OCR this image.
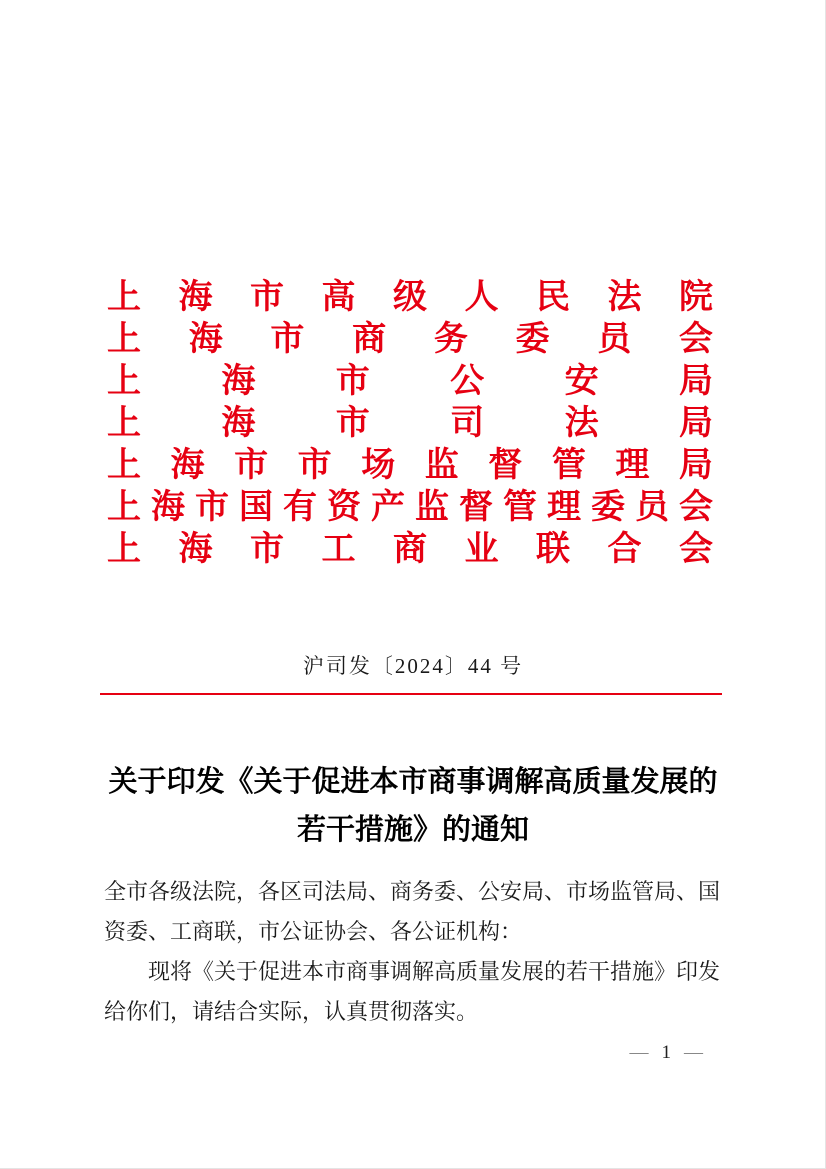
上 海 市 高 级 人 民 法 院
上 海 市 商 务 委 员 会
上 海 市 公 安 局
上 海 市 司 法 局
上 海 市 市 场 监 督 管 理 局
上 海 市 国 有 资 产 监 督 管 理 委 员 会
上 海 市 工 商 业 联 合 会
沪司发〔2024〕44 号
关于印发《关于促进本市商事调解高质量发展的
若干措施》的通知

全市各级法院，各区司法局、商务委、公安局、市场监管局、国资委、工商联，市公证协会、各公证机构：

现将《关于促进本市商事调解高质量发展的若干措施》印发给你们，请结合实际，认真贯彻落实。

— 1 —
